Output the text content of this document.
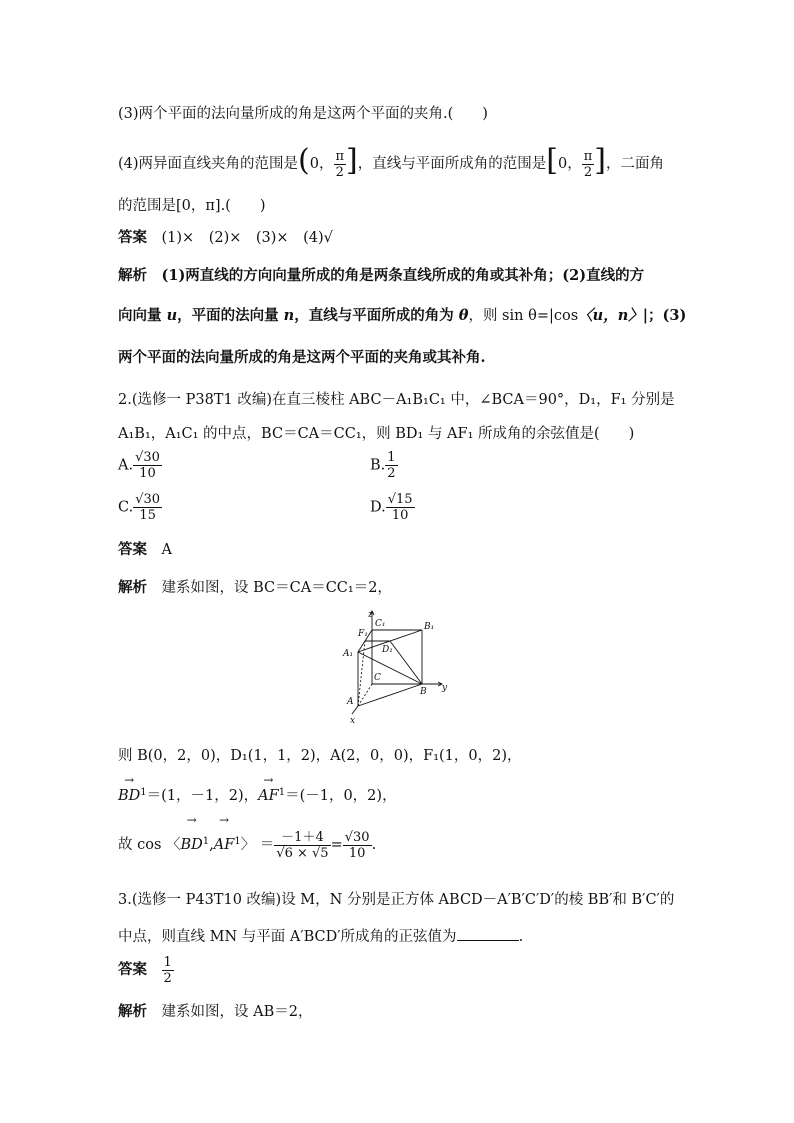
(3)两个平面的法向量所成的角是这两个平面的夹角.(　　)
(4)两异面直线夹角的范围是(0， $\frac{\pi}{2}$ ]，直线与平面所成角的范围是[0， $\frac{\pi}{2}$ ]，二面角
的范围是[0，π].(　　)
答案　 (1)×　(2)×　(3)×　(4)√
解析　 (1)两直线的方向向量所成的角是两条直线所成的角或其补角；(2)直线的方
向向量 u，平面的法向量 n，直线与平面所成的角为 θ，则 sin θ=|cos〈u，n〉|；(3)
两个平面的法向量所成的角是这两个平面的夹角或其补角.
2.(选修一 P38T1 改编)在直三棱柱 ABC－A₁B₁C₁ 中，∠BCA＝90°，D₁，F₁ 分别是
A₁B₁，A₁C₁ 的中点，BC＝CA＝CC₁，则 BD₁ 与 AF₁ 所成角的余弦值是(　　)
A. $\frac{√30}{10}$	B. $\frac{1}{2}$
C. $\frac{√30}{15}$	D. $\frac{√15}{10}$
答案　 A
解析　 建系如图，设 BC＝CA＝CC₁＝2，
z
y
x
C₁	B₁
F₁
A₁	D₁
C
B
A
则 B(0，2，0)，D₁(1，1，2)，A(2，0，0)，F₁(1，0，2)，
→ $BD^1=(1$，－1，2)，→ $AF^1=(-1$，0，2)，
故 cos 〈→ $BD^1,\to AF^1$〉 ＝ $\frac{-1+4}{√6 \times √5} = \frac{√30}{10}$ .
3.(选修一 P43T10 改编)设 M，N 分别是正方体 ABCD－A′B′C′D′的棱 BB′和 B′C′的
中点，则直线 MN 与平面 A′BCD′所成角的正弦值为	.
答案　 $\frac{1}{2}$
解析　 建系如图，设 AB＝2，
